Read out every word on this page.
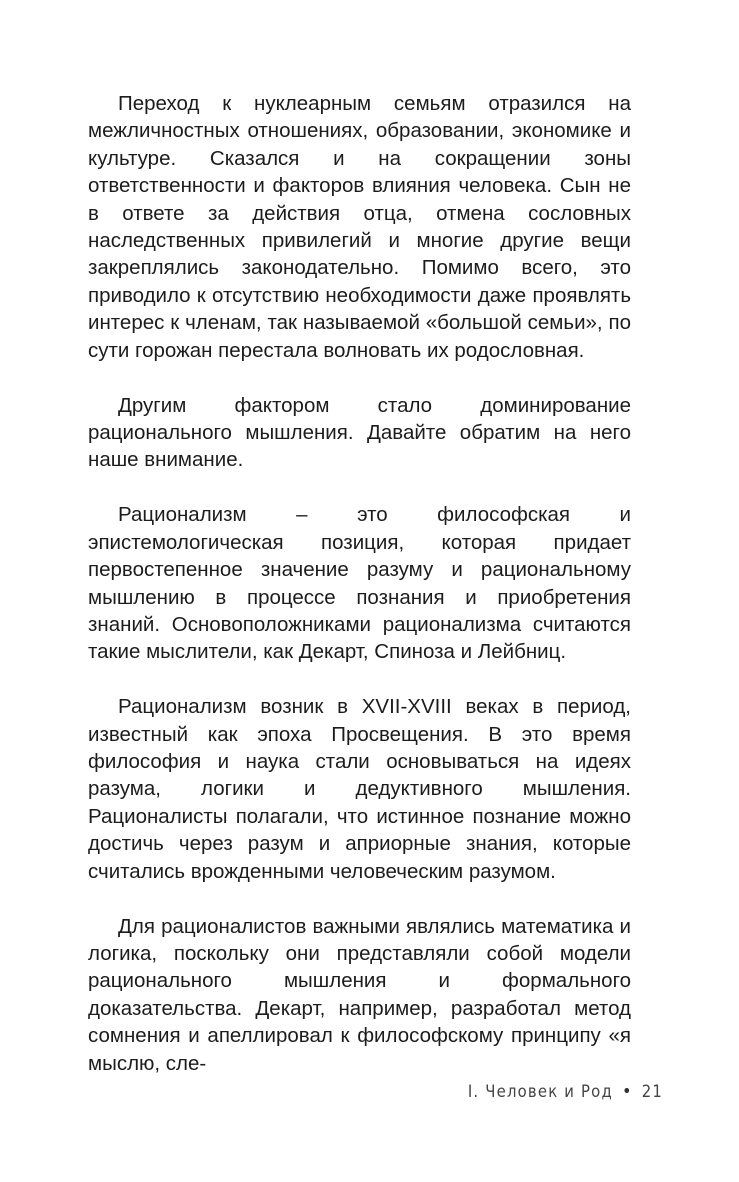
Переход к нуклеарным семьям отразился на межличностных отношениях, образовании, экономике и культуре. Сказался и на сокращении зоны ответственности и факторов влияния человека. Сын не в ответе за действия отца, отмена сословных наследственных привилегий и многие другие вещи закреплялись законодательно. Помимо всего, это приводило к отсутствию необходимости даже проявлять интерес к членам, так называемой «большой семьи», по сути горожан перестала волновать их родословная.

Другим фактором стало доминирование рационального мышления. Давайте обратим на него наше внимание.

Рационализм – это философская и эпистемологическая позиция, которая придает первостепенное значение разуму и рациональному мышлению в процессе познания и приобретения знаний. Основоположниками рационализма считаются такие мыслители, как Декарт, Спиноза и Лейбниц.

Рационализм возник в XVII-XVIII веках в период, известный как эпоха Просвещения. В это время философия и наука стали основываться на идеях разума, логики и дедуктивного мышления. Рационалисты полагали, что истинное познание можно достичь через разум и априорные знания, которые считались врожденными человеческим разумом.

Для рационалистов важными являлись математика и логика, поскольку они представляли собой модели рационального мышления и формального доказательства. Декарт, например, разработал метод сомнения и апеллировал к философскому принципу «я мыслю, сле-

I. Человек и Род • 21
